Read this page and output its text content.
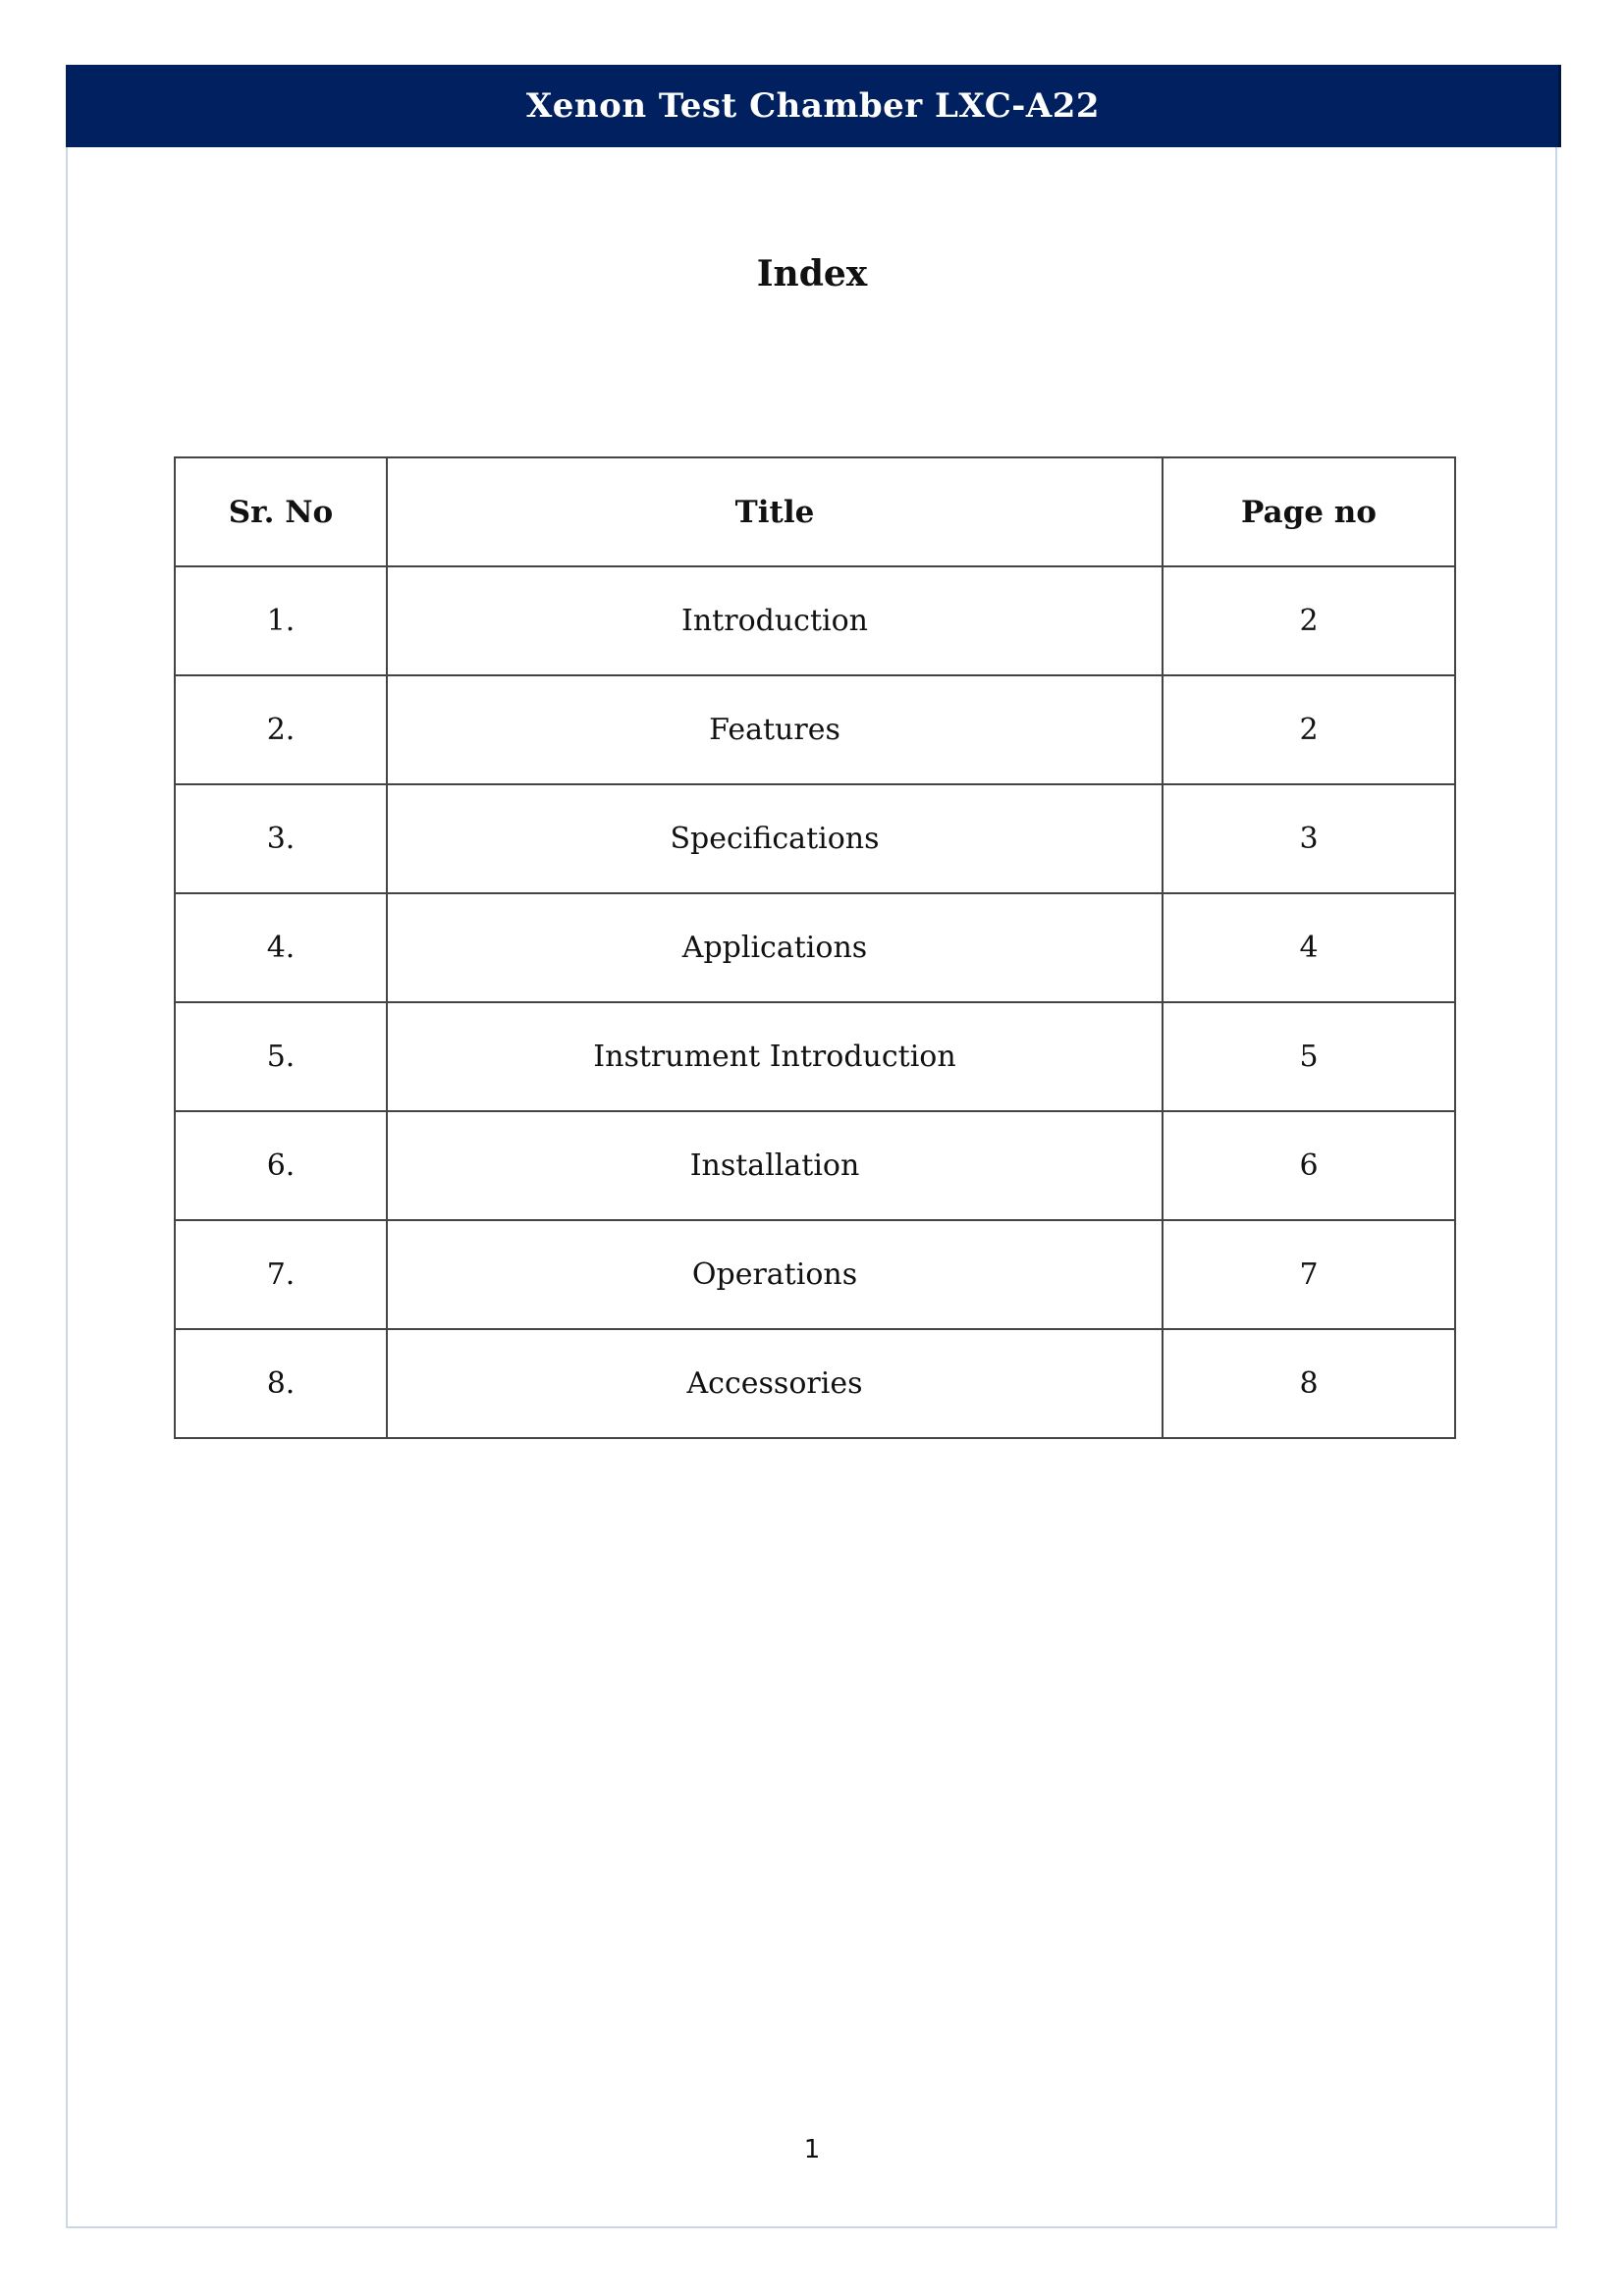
Xenon Test Chamber LXC-A22
Index
Sr. No	Title	Page no
1.	Introduction	2
2.	Features	2
3.	Specifications	3
4.	Applications	4
5.	Instrument Introduction	5
6.	Installation	6
7.	Operations	7
8.	Accessories	8
1
